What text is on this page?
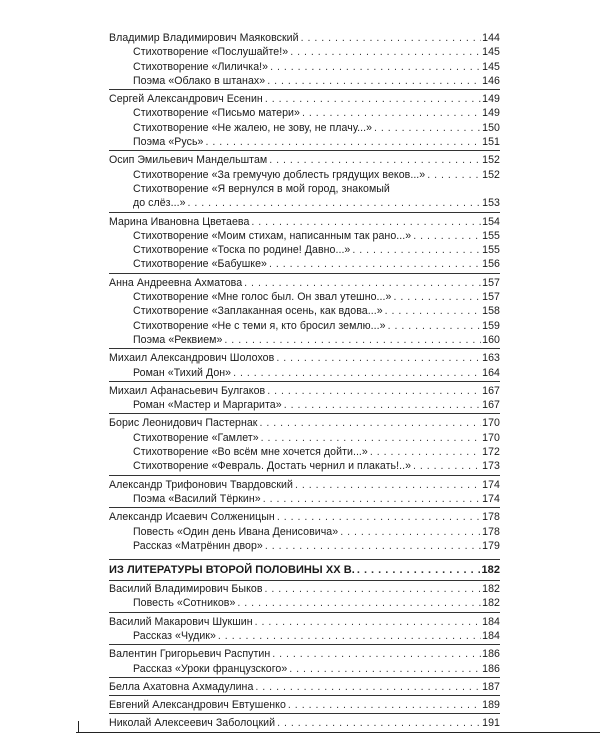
Владимир Владимирович Маяковский . . .	144
Стихотворение «Послушайте!» . . .	145
Стихотворение «Лиличка!» . . .	145
Поэма «Облако в штанах» . . .	146
Сергей Александрович Есенин . . .	149
Стихотворение «Письмо матери» . . .	149
Стихотворение «Не жалею, не зову, не плачу...» . . .	150
Поэма «Русь» . . .	151
Осип Эмильевич Мандельштам . . .	152
Стихотворение «За гремучую доблесть грядущих веков...» . . .	152
Стихотворение «Я вернулся в мой город, знакомый
до слёз...» . . .	153
Марина Ивановна Цветаева . . .	154
Стихотворение «Моим стихам, написанным так рано...» . . .	155
Стихотворение «Тоска по родине! Давно...» . . .	155
Стихотворение «Бабушке» . . .	156
Анна Андреевна Ахматова . . .	157
Стихотворение «Мне голос был. Он звал утешно...» . . .	157
Стихотворение «Заплаканная осень, как вдова...» . . .	158
Стихотворение «Не с теми я, кто бросил землю...» . . .	159
Поэма «Реквием» . . .	160
Михаил Александрович Шолохов . . .	163
Роман «Тихий Дон» . . .	164
Михаил Афанасьевич Булгаков . . .	167
Роман «Мастер и Маргарита» . . .	167
Борис Леонидович Пастернак . . .	170
Стихотворение «Гамлет» . . .	170
Стихотворение «Во всём мне хочется дойти...» . . .	172
Стихотворение «Февраль. Достать чернил и плакать!..» . . .	173
Александр Трифонович Твардовский . . .	174
Поэма «Василий Тёркин» . . .	174
Александр Исаевич Солженицын . . .	178
Повесть «Один день Ивана Денисовича» . . .	178
Рассказ «Матрёнин двор» . . .	179
ИЗ ЛИТЕРАТУРЫ ВТОРОЙ ПОЛОВИНЫ XX В. . . .	182
Василий Владимирович Быков . . .	182
Повесть «Сотников» . . .	182
Василий Макарович Шукшин . . .	184
Рассказ «Чудик» . . .	184
Валентин Григорьевич Распутин . . .	186
Рассказ «Уроки французского» . . .	186
Белла Ахатовна Ахмадулина . . .	187
Евгений Александрович Евтушенко . . .	189
Николай Алексеевич Заболоцкий . . .	191
